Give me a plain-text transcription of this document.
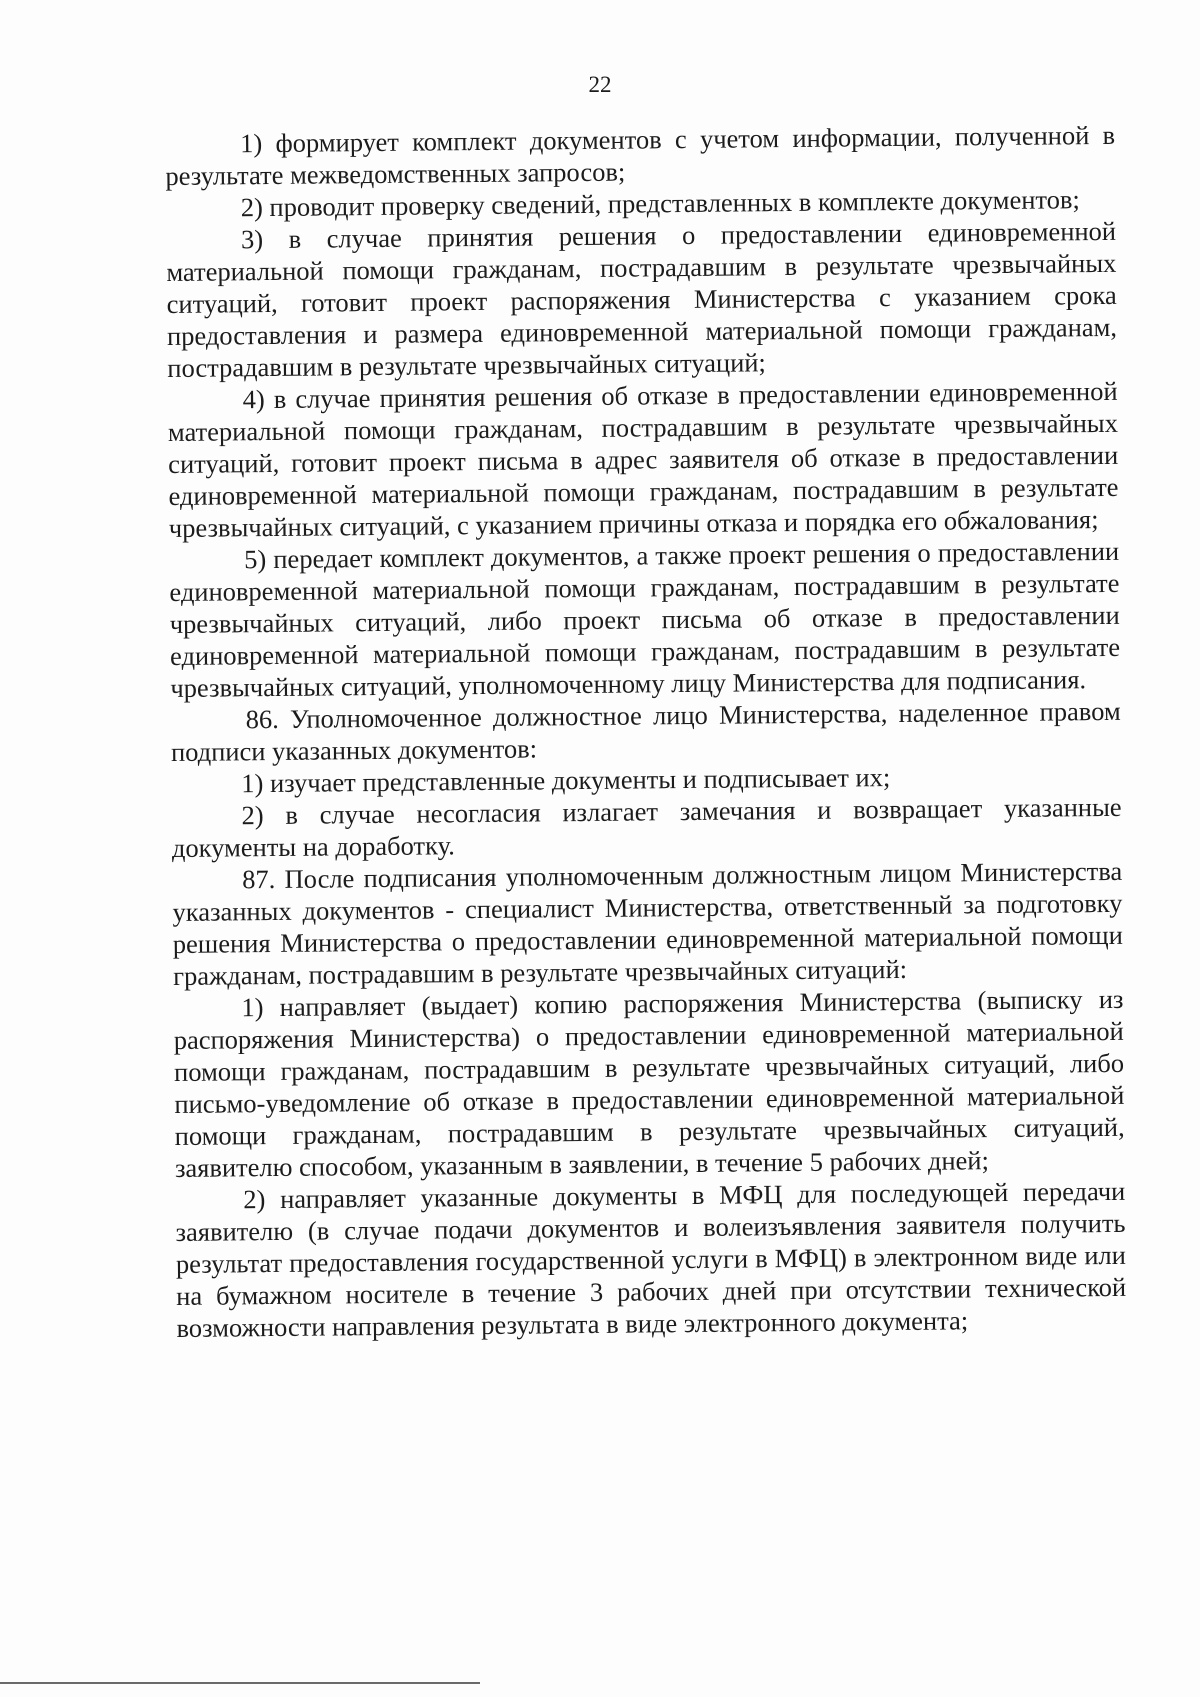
22

1) формирует комплект документов с учетом информации, полученной в результате межведомственных запросов;

2) проводит проверку сведений, представленных в комплекте документов;

3) в случае принятия решения о предоставлении единовременной материальной помощи гражданам, пострадавшим в результате чрезвычайных ситуаций, готовит проект распоряжения Министерства с указанием срока предоставления и размера единовременной материальной помощи гражданам, пострадавшим в результате чрезвычайных ситуаций;

4) в случае принятия решения об отказе в предоставлении единовременной материальной помощи гражданам, пострадавшим в результате чрезвычайных ситуаций, готовит проект письма в адрес заявителя об отказе в предоставлении единовременной материальной помощи гражданам, пострадавшим в результате чрезвычайных ситуаций, с указанием причины отказа и порядка его обжалования;

5) передает комплект документов, а также проект решения о предоставлении единовременной материальной помощи гражданам, пострадавшим в результате чрезвычайных ситуаций, либо проект письма об отказе в предоставлении единовременной материальной помощи гражданам, пострадавшим в результате чрезвычайных ситуаций, уполномоченному лицу Министерства для подписания.

86. Уполномоченное должностное лицо Министерства, наделенное правом подписи указанных документов:

1) изучает представленные документы и подписывает их;

2) в случае несогласия излагает замечания и возвращает указанные документы на доработку.

87. После подписания уполномоченным должностным лицом Министерства указанных документов - специалист Министерства, ответственный за подготовку решения Министерства о предоставлении единовременной материальной помощи гражданам, пострадавшим в результате чрезвычайных ситуаций:

1) направляет (выдает) копию распоряжения Министерства (выписку из распоряжения Министерства) о предоставлении единовременной материальной помощи гражданам, пострадавшим в результате чрезвычайных ситуаций, либо письмо-уведомление об отказе в предоставлении единовременной материальной помощи гражданам, пострадавшим в результате чрезвычайных ситуаций, заявителю способом, указанным в заявлении, в течение 5 рабочих дней;

2) направляет указанные документы в МФЦ для последующей передачи заявителю (в случае подачи документов и волеизъявления заявителя получить результат предоставления государственной услуги в МФЦ) в электронном виде или на бумажном носителе в течение 3 рабочих дней при отсутствии технической возможности направления результата в виде электронного документа;
